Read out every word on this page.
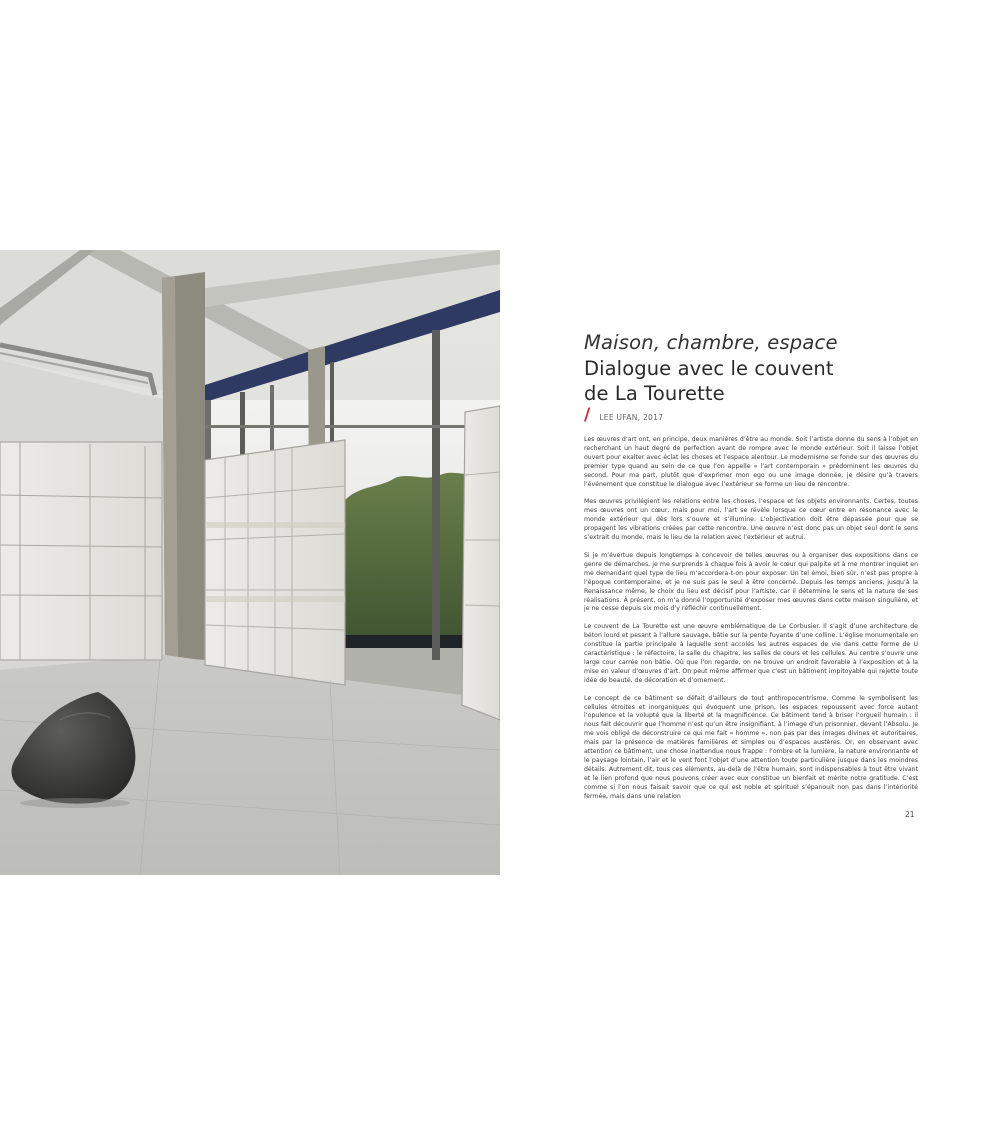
Maison, chambre, espace
Dialogue avec le couvent
de La Tourette
/ LEE UFAN, 2017

Les œuvres d’art ont, en principe, deux manières d’être au monde. Soit l’artiste donne du sens à l’objet en recherchant un haut degré de perfection avant de rompre avec le monde extérieur. Soit il laisse l’objet ouvert pour exalter avec éclat les choses et l’espace alentour. Le modernisme se fonde sur des œuvres du premier type quand au sein de ce que l’on appelle « l’art contemporain » prédominent les œuvres du second. Pour ma part, plutôt que d’exprimer mon ego ou une image donnée, je désire qu’à travers l’événement que constitue le dialogue avec l’extérieur se forme un lieu de rencontre.

Mes œuvres privilégient les relations entre les choses, l’espace et les objets environnants. Certes, toutes mes œuvres ont un cœur, mais pour moi, l’art se révèle lorsque ce cœur entre en résonance avec le monde extérieur qui dès lors s’ouvre et s’illumine. L’objectivation doit être dépassée pour que se propagent les vibrations créées par cette rencontre. Une œuvre n’est donc pas un objet seul dont le sens s’extrait du monde, mais le lieu de la relation avec l’extérieur et autrui.

Si je m’évertue depuis longtemps à concevoir de telles œuvres ou à organiser des expositions dans ce genre de démarches, je me surprends à chaque fois à avoir le cœur qui palpite et à me montrer inquiet en me demandant quel type de lieu m’accordera-t-on pour exposer. Un tel émoi, bien sûr, n’est pas propre à l’époque contemporaine, et je ne suis pas le seul à être concerné. Depuis les temps anciens, jusqu’à la Renaissance même, le choix du lieu est décisif pour l’artiste, car il détermine le sens et la nature de ses réalisations. À présent, on m’a donné l’opportunité d’exposer mes œuvres dans cette maison singulière, et je ne cesse depuis six mois d’y réfléchir continuellement.

Le couvent de La Tourette est une œuvre emblématique de Le Corbusier. Il s’agit d’une architecture de béton lourd et pesant à l’allure sauvage, bâtie sur la pente fuyante d’une colline. L’église monumentale en constitue la partie principale à laquelle sont accolés les autres espaces de vie dans cette forme de U caractéristique : le réfectoire, la salle du chapitre, les salles de cours et les cellules. Au centre s’ouvre une large cour carrée non bâtie. Où que l’on regarde, on ne trouve un endroit favorable à l’exposition et à la mise en valeur d’œuvres d’art. On peut même affirmer que c’est un bâtiment impitoyable qui rejette toute idée de beauté, de décoration et d’ornement.

Le concept de ce bâtiment se défait d’ailleurs de tout anthropocentrisme. Comme le symbolisent les cellules étroites et inorganiques qui évoquent une prison, les espaces repoussent avec force autant l’opulence et la volupté que la liberté et la magnificence. Ce bâtiment tend à briser l’orgueil humain : il nous fait découvrir que l’homme n’est qu’un être insignifiant, à l’image d’un prisonnier, devant l’Absolu. Je me vois obligé de déconstruire ce qui me fait « homme », non pas par des images divines et autoritaires, mais par la présence de matières familières et simples ou d’espaces austères. Or, en observant avec attention ce bâtiment, une chose inattendue nous frappe : l’ombre et la lumière, la nature environnante et le paysage lointain, l’air et le vent font l’objet d’une attention toute particulière jusque dans les moindres détails. Autrement dit, tous ces éléments, au-delà de l’être humain, sont indispensables à tout être vivant et le lien profond que nous pouvons créer avec eux constitue un bienfait et mérite notre gratitude. C’est comme si l’on nous faisait savoir que ce qui est noble et spirituel s’épanouit non pas dans l’intériorité fermée, mais dans une relation

21
